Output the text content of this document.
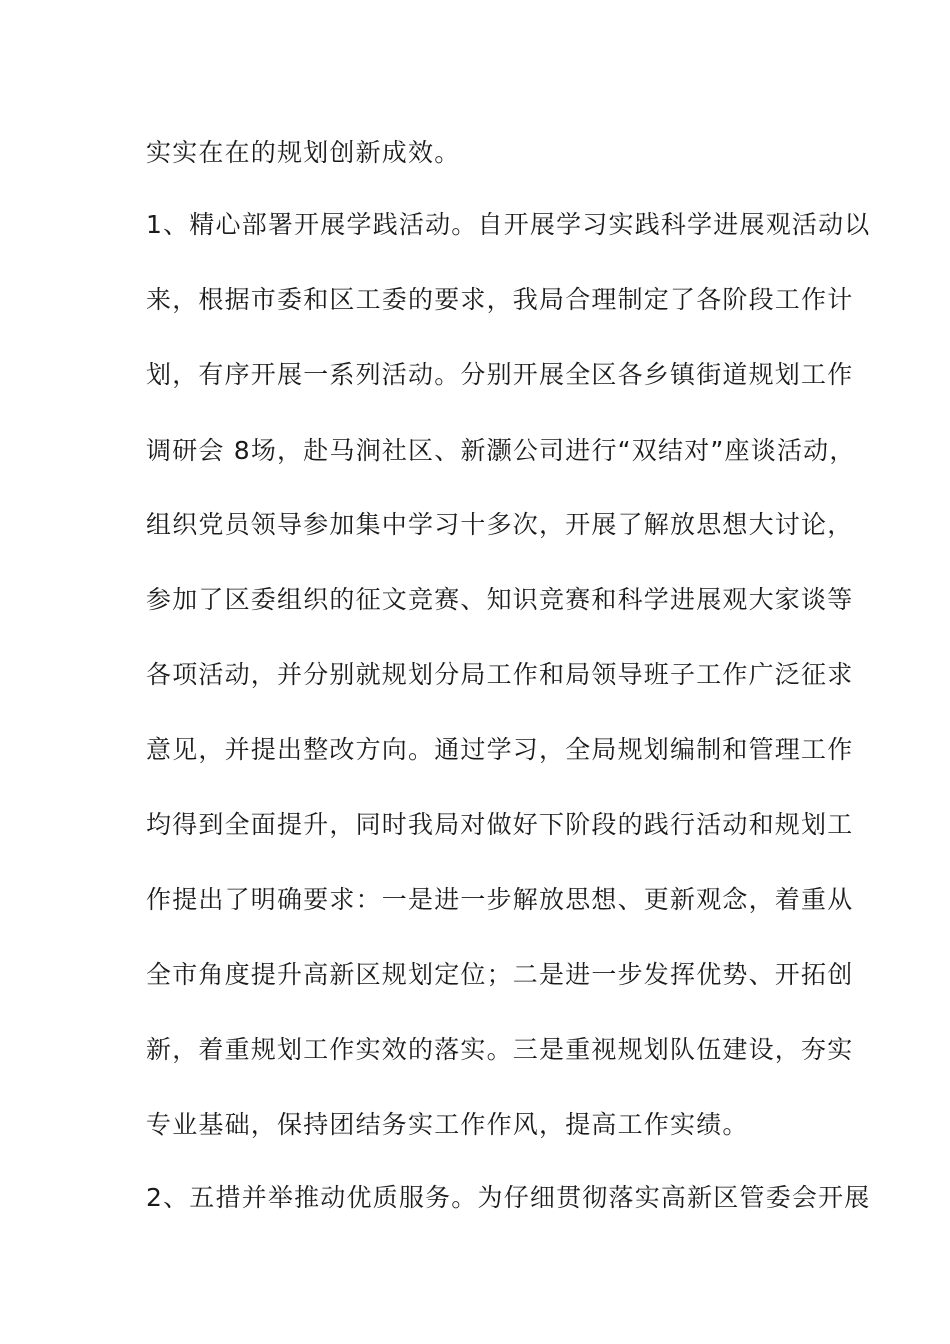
实实在在的规划创新成效。
1、精心部署开展学践活动。自开展学习实践科学进展观活动以
来，根据市委和区工委的要求，我局合理制定了各阶段工作计
划，有序开展一系列活动。分别开展全区各乡镇街道规划工作
调研会 8场，赴马涧社区、新灏公司进行“双结对”座谈活动，
组织党员领导参加集中学习十多次，开展了解放思想大讨论，
参加了区委组织的征文竞赛、知识竞赛和科学进展观大家谈等
各项活动，并分别就规划分局工作和局领导班子工作广泛征求
意见，并提出整改方向。通过学习，全局规划编制和管理工作
均得到全面提升，同时我局对做好下阶段的践行活动和规划工
作提出了明确要求：一是进一步解放思想、更新观念，着重从
全市角度提升高新区规划定位；二是进一步发挥优势、开拓创
新，着重规划工作实效的落实。三是重视规划队伍建设，夯实
专业基础，保持团结务实工作作风，提高工作实绩。
2、五措并举推动优质服务。为仔细贯彻落实高新区管委会开展
